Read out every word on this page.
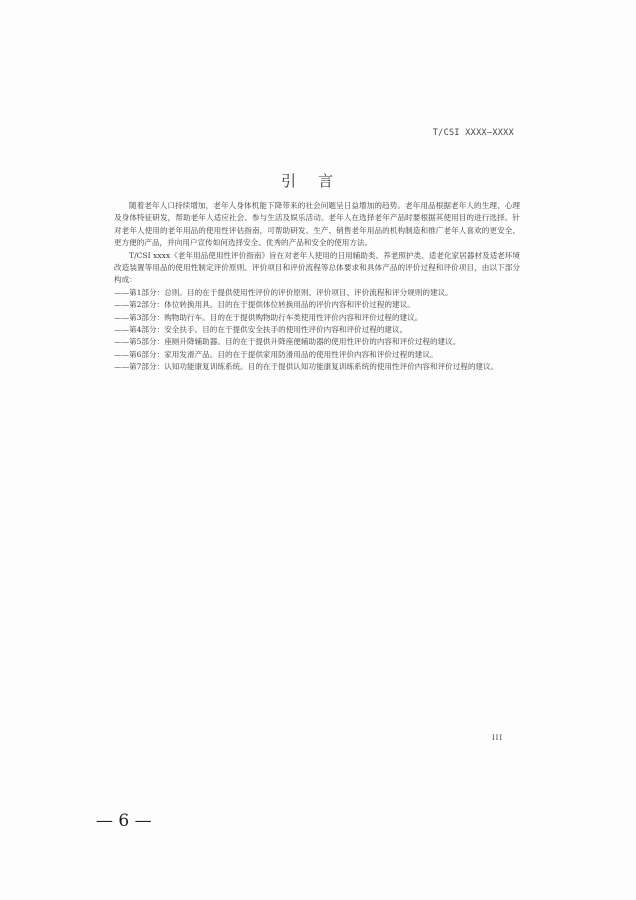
T/CSI XXXX—XXXX
引言

随着老年人口持续增加，老年人身体机能下降带来的社会问题呈日益增加的趋势。老年用品根据老年人的生理、心理及身体特征研发，帮助老年人适应社会、参与生活及娱乐活动。老年人在选择老年产品时要根据其使用目的进行选择。针对老年人使用的老年用品的使用性评估指南，可帮助研发、生产、销售老年用品的机构制造和推广老年人喜欢的更安全、更方便的产品，并向用户宣传如何选择安全、优秀的产品和安全的使用方法。

T/CSI xxxx《老年用品使用性评价指南》旨在对老年人使用的日用辅助类、养老照护类、适老化家居器材及适老环境改造装置等用品的使用性制定评价原则、评价项目和评价流程等总体要求和具体产品的评价过程和评价项目，由以下部分构成：

——第1部分：总则。目的在于提供使用性评价的评价原则、评价项目、评价流程和评分规则的建议。
——第2部分：体位转换用具。目的在于提供体位转换用品的评价内容和评价过程的建议。
——第3部分：购物助行车。目的在于提供购物助行车类使用性评价内容和评价过程的建议。
——第4部分：安全扶手。目的在于提供安全扶手的使用性评价内容和评价过程的建议。
——第5部分：座厕升降辅助器。目的在于提供升降座便辅助器的使用性评价的内容和评价过程的建议。
——第6部分：家用发滑产品。目的在于提供家用防滑用品的使用性评价内容和评价过程的建议。
——第7部分：认知功能康复训练系统。目的在于提供认知功能康复训练系统的使用性评价内容和评价过程的建议。
III
— 6 —
